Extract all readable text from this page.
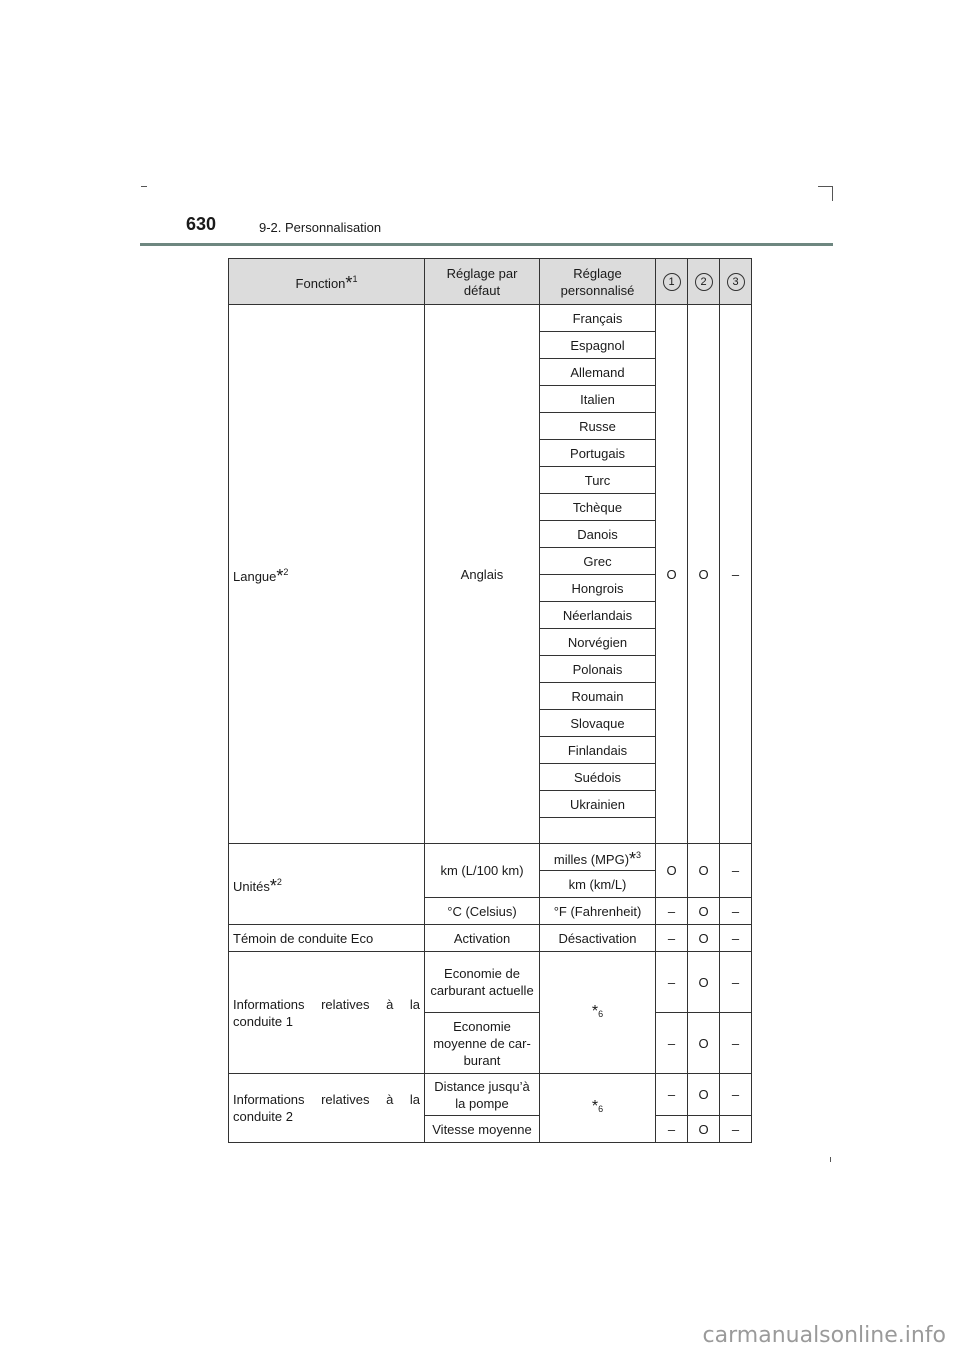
630	9-2. Personnalisation
Fonction*$^1$	Réglage par défaut	Réglage personnalisé	1	2	3
Langue*$^2$	Anglais	Français	O	O	–
		Espagnol			
		Allemand			
		Italien			
		Russe			
		Portugais			
		Turc			
		Tchèque			
		Danois			
		Grec			
		Hongrois			
		Néerlandais			
		Norvégien			
		Polonais			
		Roumain			
		Slovaque			
		Finlandais			
		Suédois			
		Ukrainien			

Unités*$^2$	km (L/100 km)	milles (MPG)*$^3$	O	O	–
		km (km/L)			
	°C (Celsius)	°F (Fahrenheit)	–	O	–
Témoin de conduite Eco	Activation	Désactivation	–	O	–
Informations relatives à la conduite 1	Economie de carburant actuelle	$*_6$	–	O	–
	Economie moyenne de car-burant		–	O	–
Informations relatives à la conduite 2	Distance jusqu’à la pompe	$*_6$	–	O	–
	Vitesse moyenne		–	O	–
carmanualsonline.info
